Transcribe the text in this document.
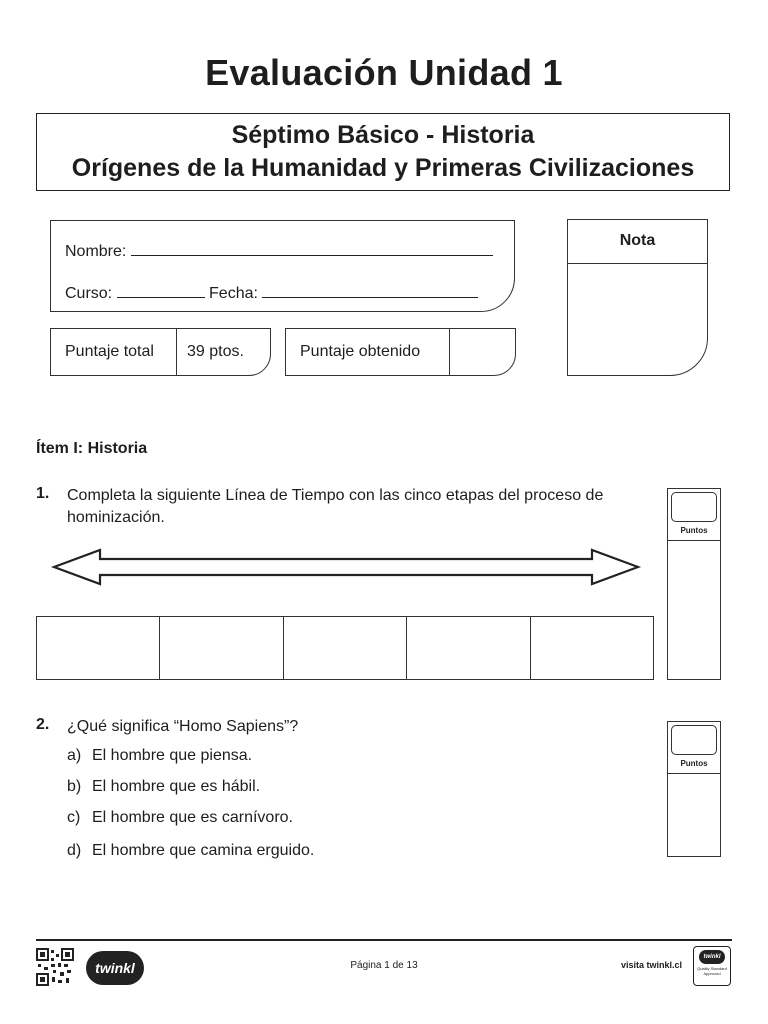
Evaluación Unidad 1
Séptimo Básico - Historia
Orígenes de la Humanidad y Primeras Civilizaciones
Nombre:
Curso:	Fecha:
Puntaje total	39 ptos.	Puntaje obtenido
Nota
Ítem I: Historia
1. Completa la siguiente Línea de Tiempo con las cinco etapas del proceso de hominización.
Puntos
2. ¿Qué significa “Homo Sapiens”?
a) El hombre que piensa.
b) El hombre que es hábil.
c) El hombre que es carnívoro.
d) El hombre que camina erguido.
Puntos
twinkl	Página 1 de 13	visita twinkl.cl
twinkl
Quality Standard Approved
